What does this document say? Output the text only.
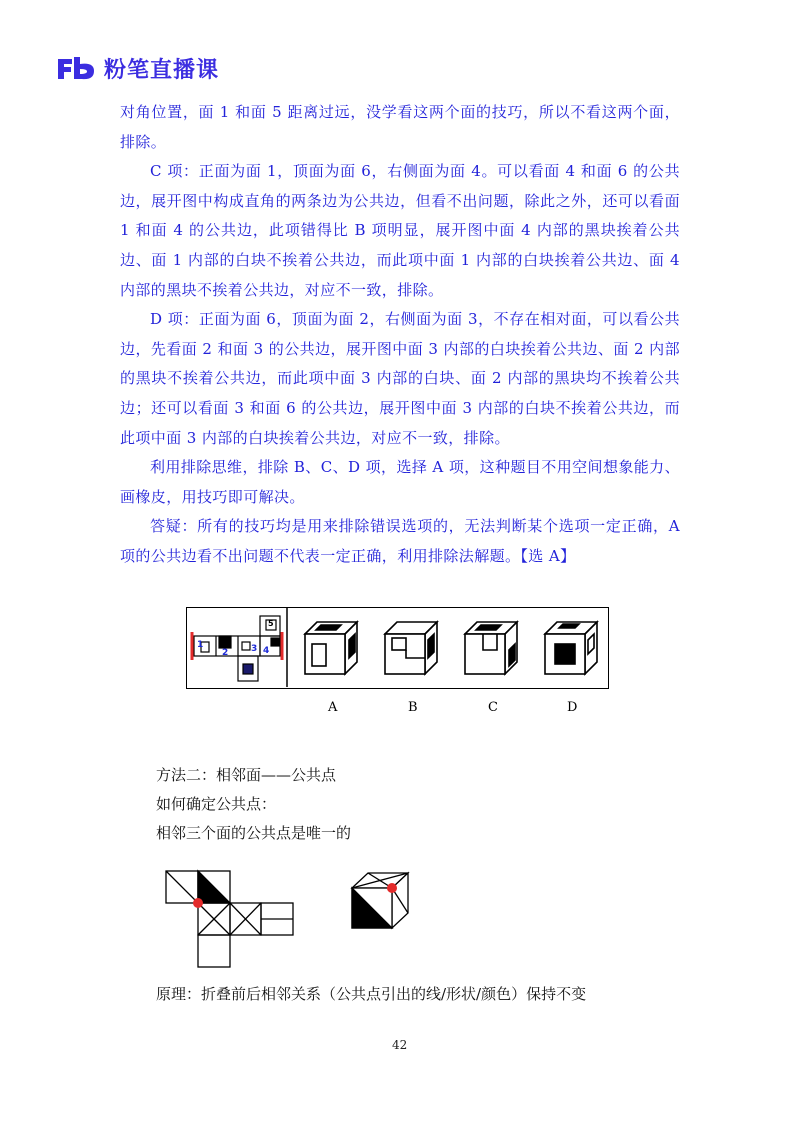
粉笔直播课

对角位置，面 1 和面 5 距离过远，没学看这两个面的技巧，所以不看这两个面，排除。

C 项：正面为面 1，顶面为面 6，右侧面为面 4。可以看面 4 和面 6 的公共边，展开图中构成直角的两条边为公共边，但看不出问题，除此之外，还可以看面 1 和面 4 的公共边，此项错得比 B 项明显，展开图中面 4 内部的黑块挨着公共边、面 1 内部的白块不挨着公共边，而此项中面 1 内部的白块挨着公共边、面 4 内部的黑块不挨着公共边，对应不一致，排除。

D 项：正面为面 6，顶面为面 2，右侧面为面 3，不存在相对面，可以看公共边，先看面 2 和面 3 的公共边，展开图中面 3 内部的白块挨着公共边、面 2 内部的黑块不挨着公共边，而此项中面 3 内部的白块、面 2 内部的黑块均不挨着公共边；还可以看面 3 和面 6 的公共边，展开图中面 3 内部的白块不挨着公共边，而此项中面 3 内部的白块挨着公共边，对应不一致，排除。

利用排除思维，排除 B、C、D 项，选择 A 项，这种题目不用空间想象能力、画橡皮，用技巧即可解决。

答疑：所有的技巧均是用来排除错误选项的，无法判断某个选项一定正确，A 项的公共边看不出问题不代表一定正确，利用排除法解题。【选 A】

1
2	3 4
5
A	B	C	D

方法二：相邻面——公共点

如何确定公共点：

相邻三个面的公共点是唯一的

原理：折叠前后相邻关系（公共点引出的线/形状/颜色）保持不变

42
